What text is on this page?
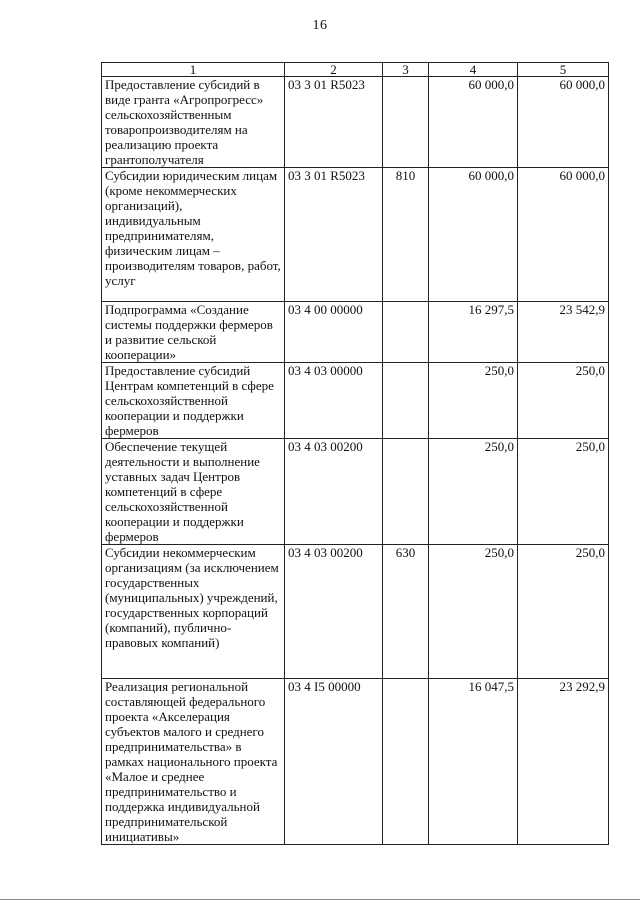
16
1	2	3	4	5
Предоставление субсидий в виде гранта «Агропрогресс» сельскохозяйственным товаропроизводителям на реализацию проекта грантополучателя	03 3 01 R5023		60 000,0	60 000,0
Субсидии юридическим лицам (кроме некоммерческих организаций), индивидуальным предпринимателям, физическим лицам – производителям товаров, работ, услуг	03 3 01 R5023	810	60 000,0	60 000,0
Подпрограмма «Создание системы поддержки фермеров и развитие сельской кооперации»	03 4 00 00000		16 297,5	23 542,9
Предоставление субсидий Центрам компетенций в сфере сельскохозяйственной кооперации и поддержки фермеров	03 4 03 00000		250,0	250,0
Обеспечение текущей деятельности и выполнение уставных задач Центров компетенций в сфере сельскохозяйственной кооперации и поддержки фермеров	03 4 03 00200		250,0	250,0
Субсидии некоммерческим организациям (за исключением государственных (муниципальных) учреждений, государственных корпораций (компаний), публично-правовых компаний)	03 4 03 00200	630	250,0	250,0
Реализация региональной составляющей федерального проекта «Акселерация субъектов малого и среднего предпринимательства» в рамках национального проекта «Малое и среднее предпринимательство и поддержка индивидуальной предпринимательской инициативы»	03 4 I5 00000		16 047,5	23 292,9
